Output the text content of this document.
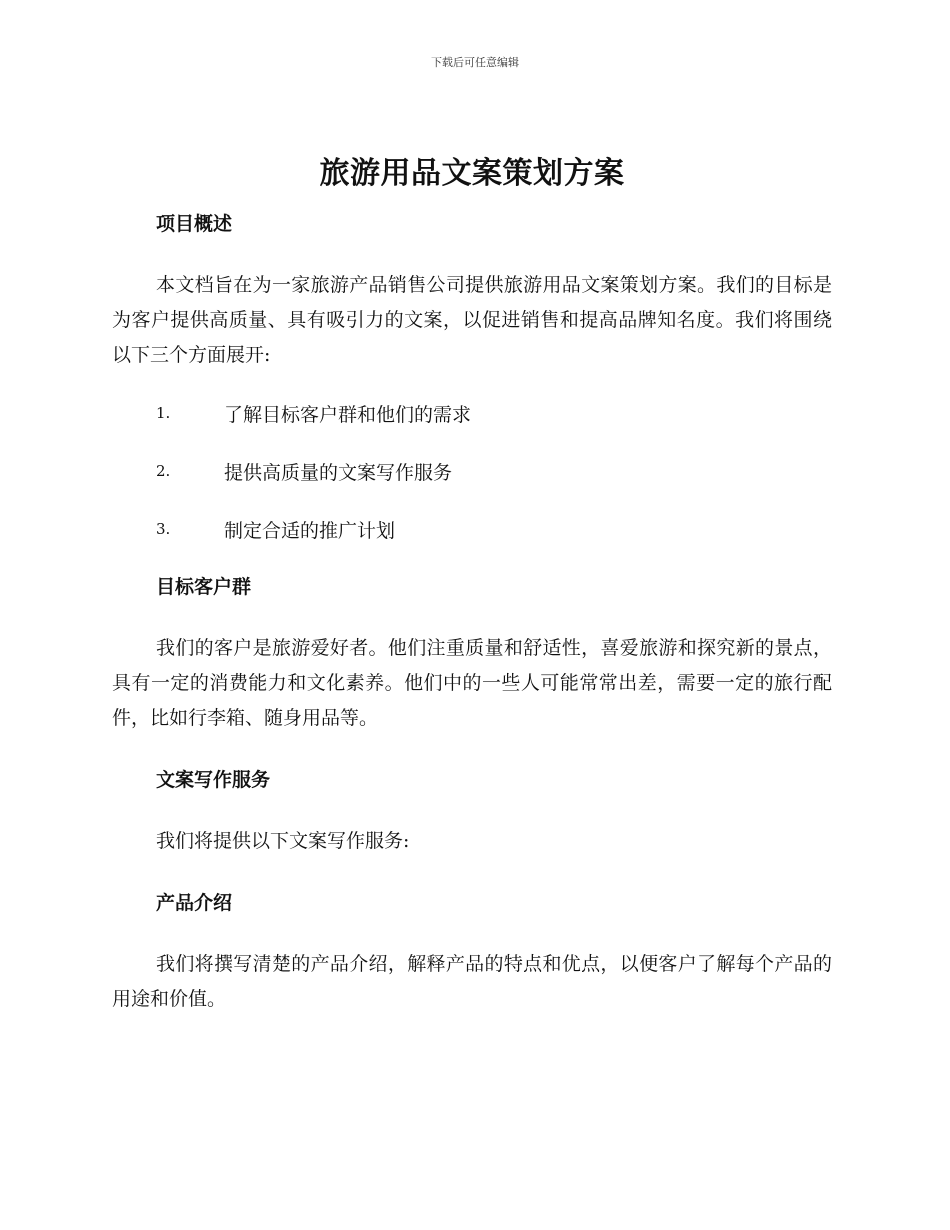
下载后可任意编辑
旅游用品文案策划方案
项目概述

本文档旨在为一家旅游产品销售公司提供旅游用品文案策划方案。我们的目标是为客户提供高质量、具有吸引力的文案，以促进销售和提高品牌知名度。我们将围绕以下三个方面展开:

1.	了解目标客户群和他们的需求
2.	提供高质量的文案写作服务
3.	制定合适的推广计划
目标客户群

我们的客户是旅游爱好者。他们注重质量和舒适性，喜爱旅游和探究新的景点，具有一定的消费能力和文化素养。他们中的一些人可能常常出差，需要一定的旅行配件，比如行李箱、随身用品等。

文案写作服务

我们将提供以下文案写作服务:

产品介绍

我们将撰写清楚的产品介绍，解释产品的特点和优点，以便客户了解每个产品的用途和价值。
